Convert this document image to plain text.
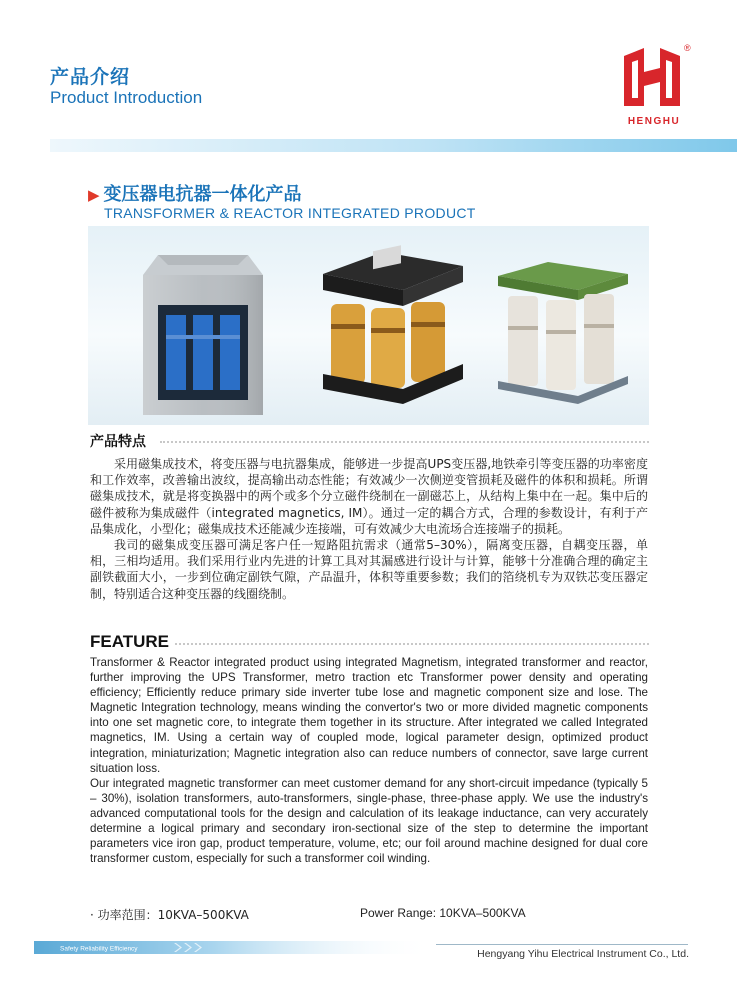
产品介绍
Product Introduction
®
HENGHU
▶ 变压器电抗器一体化产品
TRANSFORMER & REACTOR INTEGRATED PRODUCT
产品特点

采用磁集成技术，将变压器与电抗器集成，能够进一步提高UPS变压器,地铁牵引等变压器的功率密度和工作效率，改善输出波纹，提高输出动态性能；有效减少一次侧逆变管损耗及磁件的体积和损耗。所谓磁集成技术，就是将变换器中的两个或多个分立磁件绕制在一副磁芯上，从结构上集中在一起。集中后的磁件被称为集成磁件（integrated magnetics, IM）。通过一定的耦合方式，合理的参数设计，有利于产品集成化，小型化；磁集成技术还能减少连接端，可有效减少大电流场合连接端子的损耗。

我司的磁集成变压器可满足客户任一短路阻抗需求（通常5–30%），隔离变压器，自耦变压器，单相，三相均适用。我们采用行业内先进的计算工具对其漏感进行设计与计算，能够十分准确合理的确定主副铁截面大小，一步到位确定副铁气隙，产品温升，体积等重要参数；我们的箔绕机专为双铁芯变压器定制，特别适合这种变压器的线圈绕制。

FEATURE

Transformer & Reactor integrated product using integrated Magnetism, integrated transformer and reactor, further improving the UPS Transformer, metro traction etc Transformer power density and operating efficiency; Efficiently reduce primary side inverter tube lose and magnetic component size and lose. The Magnetic Integration technology, means winding the convertor's two or more divided magnetic components into one set magnetic core, to integrate them together in its structure. After integrated we called Integrated magnetics, IM. Using a certain way of coupled mode, logical parameter design, optimized product integration, miniaturization; Magnetic integration also can reduce numbers of connector, save large current situation loss.

Our integrated magnetic transformer can meet customer demand for any short-circuit impedance (typically 5 – 30%), isolation transformers, auto-transformers, single-phase, three-phase apply. We use the industry's advanced computational tools for the design and calculation of its leakage inductance, can very accurately determine a logical primary and secondary iron-sectional size of the step to determine the important parameters vice iron gap, product temperature, volume, etc; our foil around machine designed for dual core transformer custom, especially for such a transformer coil winding.

· 功率范围：10KVA–500KVA	Power Range: 10KVA–500KVA
Safety Reliability Efficiency	Hengyang Yihu Electrical Instrument Co., Ltd.
